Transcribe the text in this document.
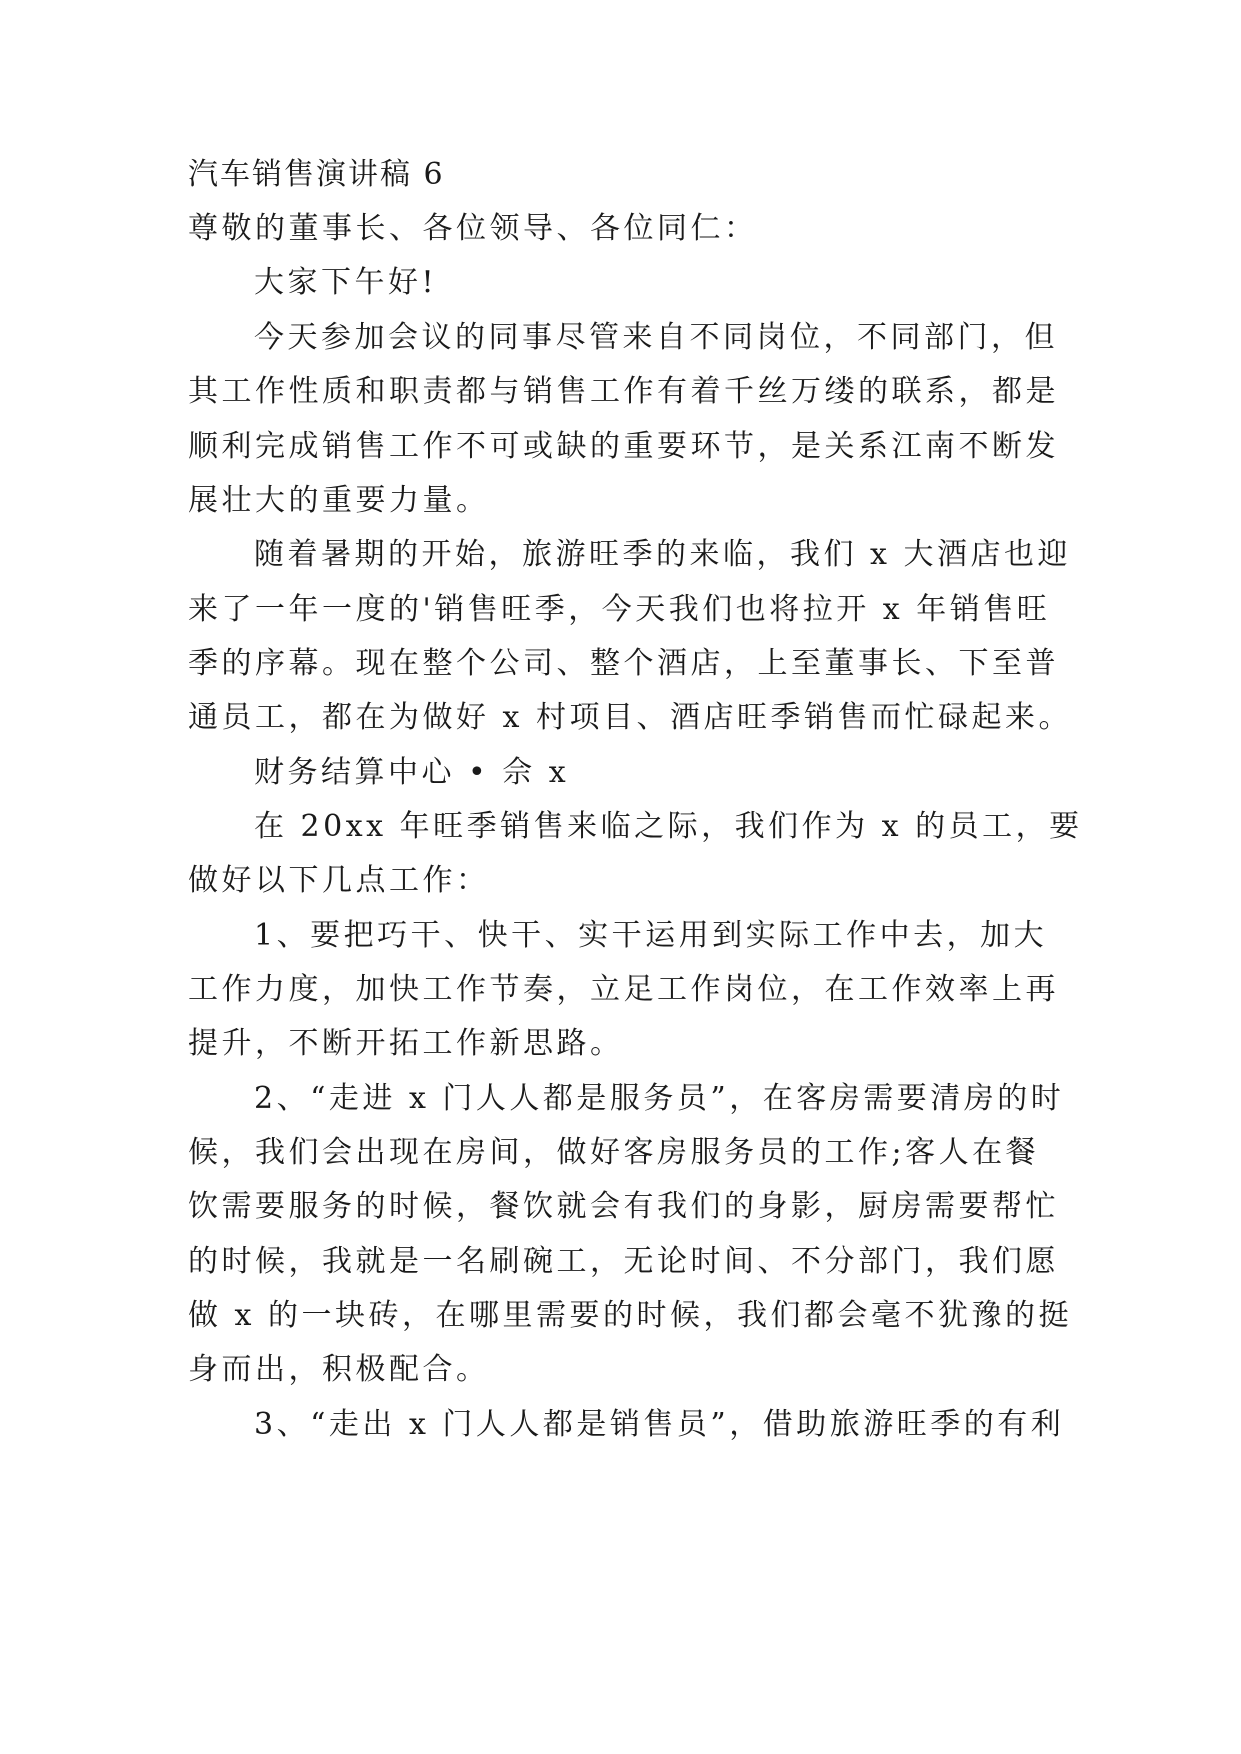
汽车销售演讲稿 6
尊敬的董事长、各位领导、各位同仁：
大家下午好!
今天参加会议的同事尽管来自不同岗位，不同部门，但
其工作性质和职责都与销售工作有着千丝万缕的联系，都是
顺利完成销售工作不可或缺的重要环节，是关系江南不断发
展壮大的重要力量。
随着暑期的开始，旅游旺季的来临，我们 x 大酒店也迎
来了一年一度的'销售旺季，今天我们也将拉开 x 年销售旺
季的序幕。现在整个公司、整个酒店，上至董事长、下至普
通员工，都在为做好 x 村项目、酒店旺季销售而忙碌起来。
财务结算中心 • 佘 x
在 20xx 年旺季销售来临之际，我们作为 x 的员工，要
做好以下几点工作：
1、要把巧干、快干、实干运用到实际工作中去，加大
工作力度，加快工作节奏，立足工作岗位，在工作效率上再
提升，不断开拓工作新思路。
2、“走进 x 门人人都是服务员”，在客房需要清房的时
候，我们会出现在房间，做好客房服务员的工作;客人在餐
饮需要服务的时候，餐饮就会有我们的身影，厨房需要帮忙
的时候，我就是一名刷碗工，无论时间、不分部门，我们愿
做 x 的一块砖，在哪里需要的时候，我们都会毫不犹豫的挺
身而出，积极配合。
3、“走出 x 门人人都是销售员”，借助旅游旺季的有利
